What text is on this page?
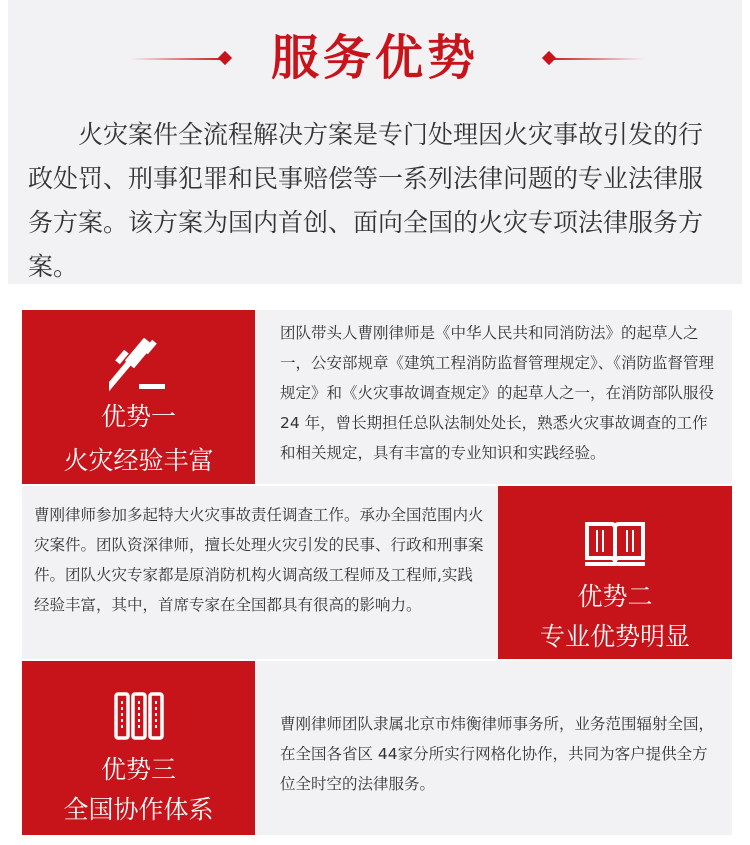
服务优势
火灾案件全流程解决方案是专门处理因火灾事故引发的行政处罚、刑事犯罪和民事赔偿等一系列法律问题的专业法律服务方案。该方案为国内首创、面向全国的火灾专项法律服务方案。
优势一
火灾经验丰富
团队带头人曹刚律师是《中华人民共和同消防法》的起草人之一，公安部规章《建筑工程消防监督管理规定》、《消防监督管理规定》和《火灾事故调查规定》的起草人之一，在消防部队服役24 年，曾长期担任总队法制处处长，熟悉火灾事故调查的工作和相关规定，具有丰富的专业知识和实践经验。
曹刚律师参加多起特大火灾事故责任调查工作。承办全国范围内火灾案件。团队资深律师，擅长处理火灾引发的民事、行政和刑事案件。团队火灾专家都是原消防机构火调高级工程师及工程师,实践经验丰富，其中，首席专家在全国都具有很高的影响力。	优势二
专业优势明显
优势三
全国协作体系
曹刚律师团队隶属北京市炜衡律师事务所，业务范围辐射全国，在全国各省区 44家分所实行网格化协作，共同为客户提供全方位全时空的法律服务。
